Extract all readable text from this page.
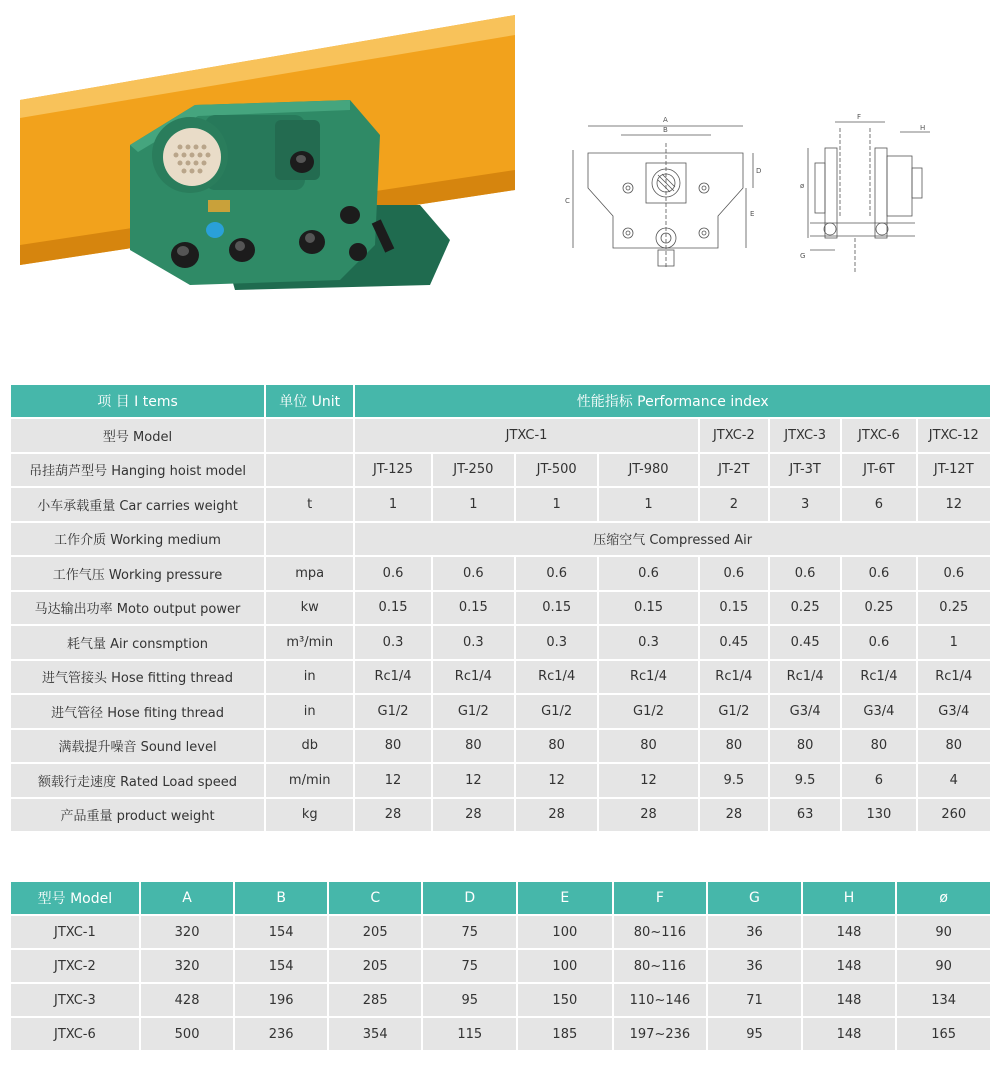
A
B
C
D
E
F
H
ø
G
项 目 I tems	单位 Unit	性能指标 Performance index							
型号 Model		JTXC-1				JTXC-2	JTXC-3	JTXC-6	JTXC-12
吊挂葫芦型号 Hanging hoist model		JT-125	JT-250	JT-500	JT-980	JT-2T	JT-3T	JT-6T	JT-12T
小车承载重量 Car carries weight	t	1	1	1	1	2	3	6	12
工作介质 Working medium		压缩空气 Compressed Air							
工作气压 Working pressure	mpa	0.6	0.6	0.6	0.6	0.6	0.6	0.6	0.6
马达输出功率 Moto output power	kw	0.15	0.15	0.15	0.15	0.15	0.25	0.25	0.25
耗气量 Air consmption	m³/min	0.3	0.3	0.3	0.3	0.45	0.45	0.6	1
进气管接头 Hose fitting thread	in	Rc1/4	Rc1/4	Rc1/4	Rc1/4	Rc1/4	Rc1/4	Rc1/4	Rc1/4
进气管径 Hose fiting thread	in	G1/2	G1/2	G1/2	G1/2	G1/2	G3/4	G3/4	G3/4
满载提升噪音 Sound level	db	80	80	80	80	80	80	80	80
额载行走速度 Rated Load speed	m/min	12	12	12	12	9.5	9.5	6	4
产品重量 product weight	kg	28	28	28	28	28	63	130	260
型号 Model	A	B	C	D	E	F	G	H	ø
JTXC-1	320	154	205	75	100	80~116	36	148	90
JTXC-2	320	154	205	75	100	80~116	36	148	90
JTXC-3	428	196	285	95	150	110~146	71	148	134
JTXC-6	500	236	354	115	185	197~236	95	148	165
